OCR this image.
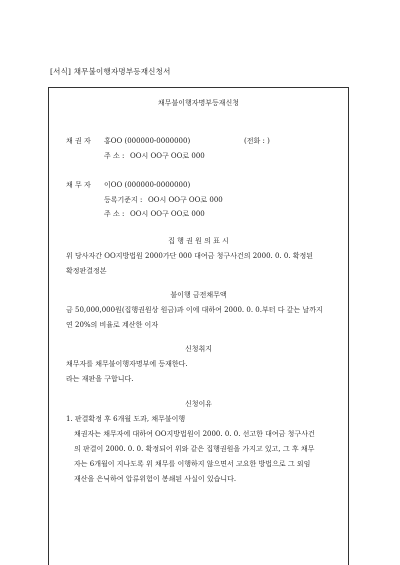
[서식] 채무불이행자명부등재신청서
채무불이행자명부등재신청
채 권 자 홍OO (000000-0000000)	(전화 : )
주 소 : OO시 OO구 OO로 000
채 무 자 이OO (000000-0000000)
등록기준지 : OO시 OO구 OO로 000
주 소 : OO시 OO구 OO로 000
집 행 권 원 의 표 시
위 당사자간 OO지방법원 2000가단 000 대여금 청구사건의 2000. 0. 0. 확정된
확정판결정본
불이행 금전채무액
금 50,000,000원(집행권원상 원금)과 이에 대하여 2000. 0. 0.부터 다 갚는 날까지
연 20%의 비율로 계산한 이자
신청취지
채무자를 채무불이행자명부에 등재한다.
라는 재판을 구합니다.
신청이유
1. 판결확정 후 6개월 도과, 채무불이행
채권자는 채무자에 대하여 OO지방법원이 2000. 0. 0. 선고한 대여금 청구사건
의 판결이 2000. 0. 0. 확정되어 위와 같은 집행권원을 가지고 있고, 그 후 채무
자는 6개월이 지나도록 위 채무를 이행하지 않으면서 고요한 방법으로 그 외임
재산을 은닉하여 압류위험이 봉쇄된 사실이 있습니다.
